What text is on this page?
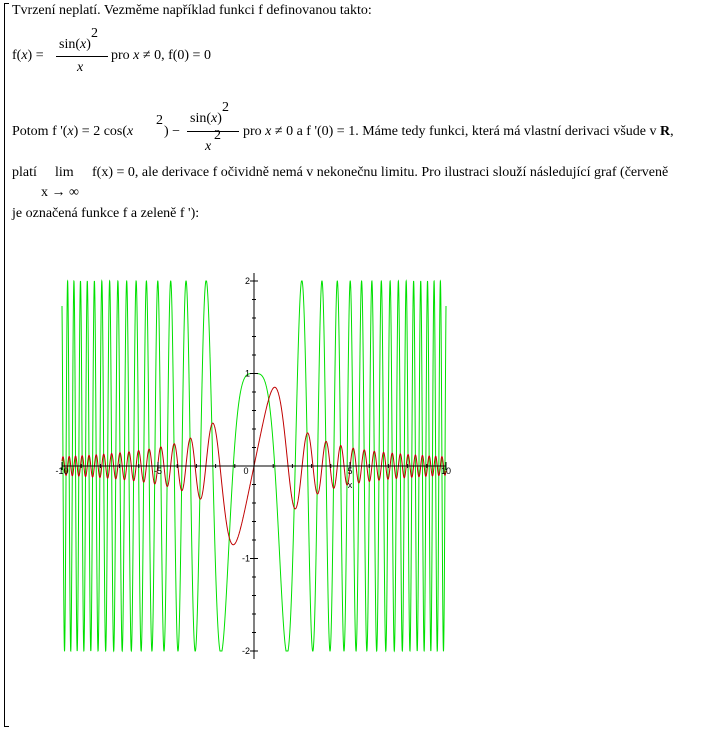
Tvrzení neplatí. Vezměme například funkci f definovanou takto:
f(x) =
sin(x)
2
x
pro x ≠ 0, f(0) = 0
Potom f '(x) = 2 cos(x
2
) −
sin(x)
2
x
2 pro x ≠ 0 a f '(0) = 1. Máme tedy funkci, která má vlastní derivaci všude v R,
platí lim
x → ∞
f(x) = 0, ale derivace f očividně nemá v nekonečnu limitu. Pro ilustraci slouží následující graf (červeně
je označená funkce f a zeleně f '):
-10	-5	0	5	10
-2
-1
1
2
x
